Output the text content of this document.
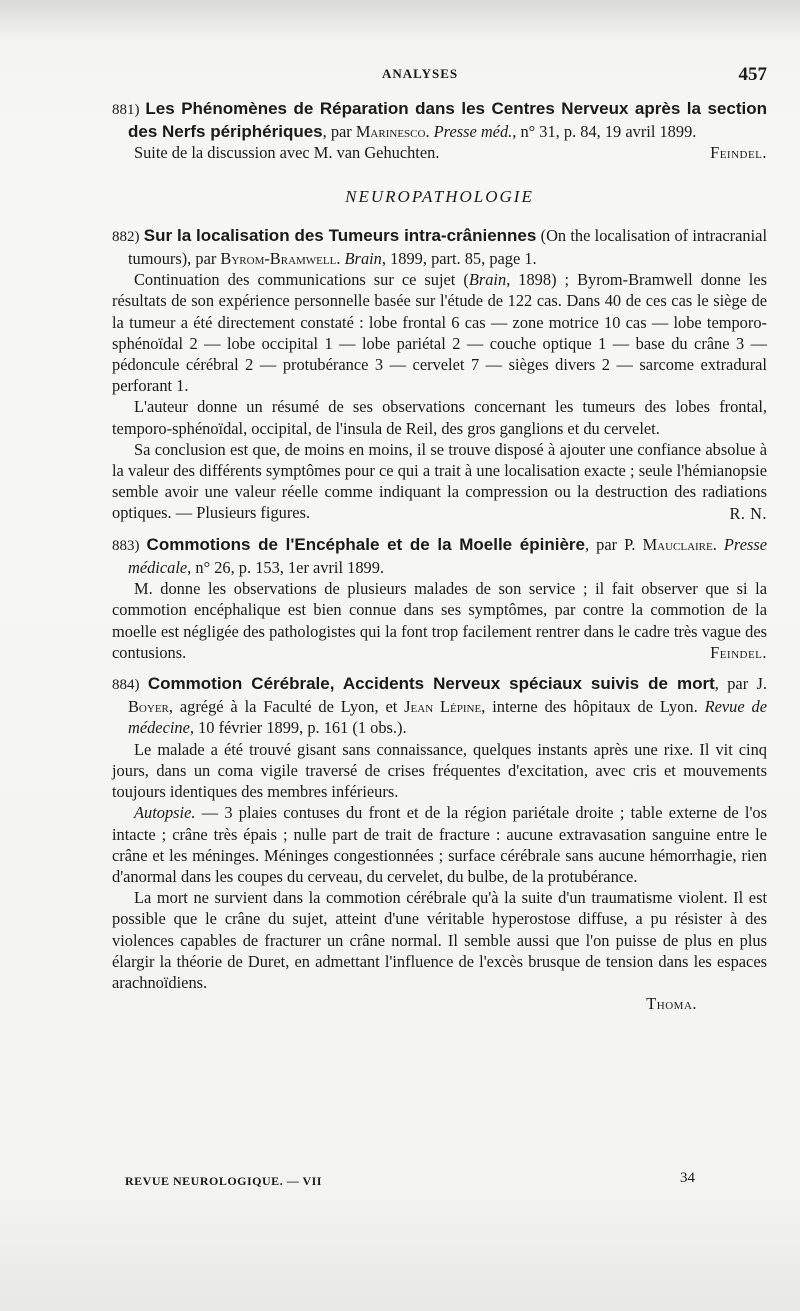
ANALYSES	457

881) Les Phénomènes de Réparation dans les Centres Nerveux après la section des Nerfs périphériques, par Marinesco. Presse méd., n° 31, p. 84, 19 avril 1899.

Suite de la discussion avec M. van Gehuchten.	Feindel.

NEUROPATHOLOGIE

882) Sur la localisation des Tumeurs intra-crâniennes (On the localisation of intracranial tumours), par Byrom-Bramwell. Brain, 1899, part. 85, page 1.

Continuation des communications sur ce sujet (Brain, 1898) ; Byrom-Bramwell donne les résultats de son expérience personnelle basée sur l'étude de 122 cas. Dans 40 de ces cas le siège de la tumeur a été directement constaté : lobe frontal 6 cas — zone motrice 10 cas — lobe temporo-sphénoïdal 2 — lobe occipital 1 — lobe pariétal 2 — couche optique 1 — base du crâne 3 — pédoncule cérébral 2 — protubérance 3 — cervelet 7 — sièges divers 2 — sarcome extradural perforant 1.

L'auteur donne un résumé de ses observations concernant les tumeurs des lobes frontal, temporo-sphénoïdal, occipital, de l'insula de Reil, des gros ganglions et du cervelet.

Sa conclusion est que, de moins en moins, il se trouve disposé à ajouter une confiance absolue à la valeur des différents symptômes pour ce qui a trait à une localisation exacte ; seule l'hémianopsie semble avoir une valeur réelle comme indiquant la compression ou la destruction des radiations optiques. — Plusieurs figures.	R. N.

883) Commotions de l'Encéphale et de la Moelle épinière, par P. Mauclaire. Presse médicale, n° 26, p. 153, 1er avril 1899.

M. donne les observations de plusieurs malades de son service ; il fait observer que si la commotion encéphalique est bien connue dans ses symptômes, par contre la commotion de la moelle est négligée des pathologistes qui la font trop facilement rentrer dans le cadre très vague des contusions.	Feindel.

884) Commotion Cérébrale, Accidents Nerveux spéciaux suivis de mort, par J. Boyer, agrégé à la Faculté de Lyon, et Jean Lépine, interne des hôpitaux de Lyon. Revue de médecine, 10 février 1899, p. 161 (1 obs.).

Le malade a été trouvé gisant sans connaissance, quelques instants après une rixe. Il vit cinq jours, dans un coma vigile traversé de crises fréquentes d'excitation, avec cris et mouvements toujours identiques des membres inférieurs.

Autopsie. — 3 plaies contuses du front et de la région pariétale droite ; table externe de l'os intacte ; crâne très épais ; nulle part de trait de fracture : aucune extravasation sanguine entre le crâne et les méninges. Méninges congestionnées ; surface cérébrale sans aucune hémorrhagie, rien d'anormal dans les coupes du cerveau, du cervelet, du bulbe, de la protubérance.

La mort ne survient dans la commotion cérébrale qu'à la suite d'un traumatisme violent. Il est possible que le crâne du sujet, atteint d'une véritable hyperostose diffuse, a pu résister à des violences capables de fracturer un crâne normal. Il semble aussi que l'on puisse de plus en plus élargir la théorie de Duret, en admettant l'influence de l'excès brusque de tension dans les espaces arachnoïdiens.

Thoma.
REVUE NEUROLOGIQUE. — VII	34
